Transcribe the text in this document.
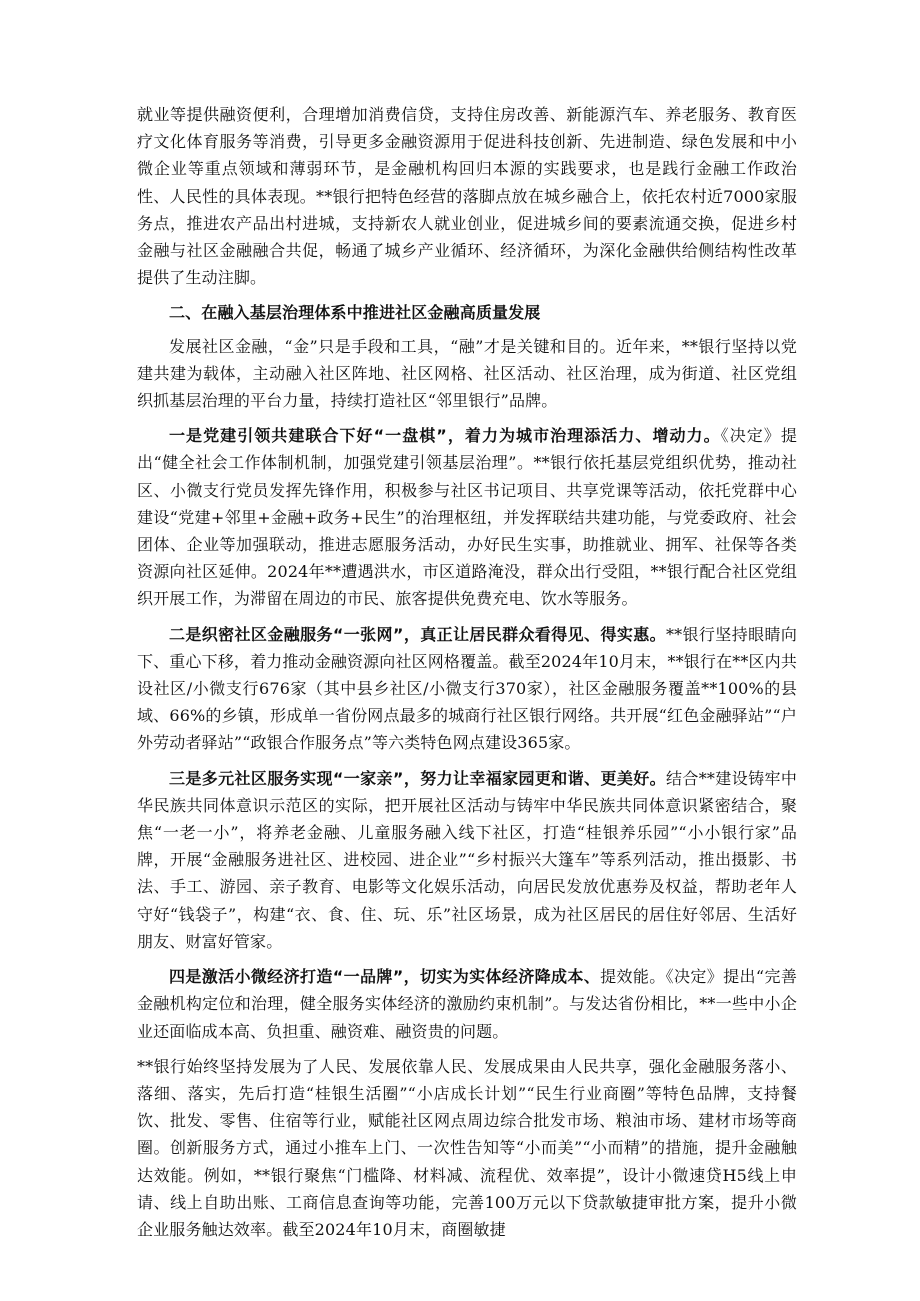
就业等提供融资便利，合理增加消费信贷，支持住房改善、新能源汽车、养老服务、教育医疗文化体育服务等消费，引导更多金融资源用于促进科技创新、先进制造、绿色发展和中小微企业等重点领域和薄弱环节，是金融机构回归本源的实践要求，也是践行金融工作政治性、人民性的具体表现。**银行把特色经营的落脚点放在城乡融合上，依托农村近7000家服务点，推进农产品出村进城，支持新农人就业创业，促进城乡间的要素流通交换，促进乡村金融与社区金融融合共促，畅通了城乡产业循环、经济循环，为深化金融供给侧结构性改革提供了生动注脚。

二、在融入基层治理体系中推进社区金融高质量发展

发展社区金融，“金”只是手段和工具，“融”才是关键和目的。近年来，**银行坚持以党建共建为载体，主动融入社区阵地、社区网格、社区活动、社区治理，成为街道、社区党组织抓基层治理的平台力量，持续打造社区“邻里银行”品牌。

一是党建引领共建联合下好“一盘棋”，着力为城市治理添活力、增动力。《决定》提出“健全社会工作体制机制，加强党建引领基层治理”。**银行依托基层党组织优势，推动社区、小微支行党员发挥先锋作用，积极参与社区书记项目、共享党课等活动，依托党群中心建设“党建+邻里+金融+政务+民生”的治理枢纽，并发挥联结共建功能，与党委政府、社会团体、企业等加强联动，推进志愿服务活动，办好民生实事，助推就业、拥军、社保等各类资源向社区延伸。2024年**遭遇洪水，市区道路淹没，群众出行受阻，**银行配合社区党组织开展工作，为滞留在周边的市民、旅客提供免费充电、饮水等服务。

二是织密社区金融服务“一张网”，真正让居民群众看得见、得实惠。**银行坚持眼睛向下、重心下移，着力推动金融资源向社区网格覆盖。截至2024年10月末，**银行在**区内共设社区/小微支行676家（其中县乡社区/小微支行370家），社区金融服务覆盖**100%的县域、66%的乡镇，形成单一省份网点最多的城商行社区银行网络。共开展“红色金融驿站”“户外劳动者驿站”“政银合作服务点”等六类特色网点建设365家。

三是多元社区服务实现“一家亲”，努力让幸福家园更和谐、更美好。结合**建设铸牢中华民族共同体意识示范区的实际，把开展社区活动与铸牢中华民族共同体意识紧密结合，聚焦“一老一小”，将养老金融、儿童服务融入线下社区，打造“桂银养乐园”“小小银行家”品牌，开展“金融服务进社区、进校园、进企业”“乡村振兴大篷车”等系列活动，推出摄影、书法、手工、游园、亲子教育、电影等文化娱乐活动，向居民发放优惠券及权益，帮助老年人守好“钱袋子”，构建“衣、食、住、玩、乐”社区场景，成为社区居民的居住好邻居、生活好朋友、财富好管家。

四是激活小微经济打造“一品牌”，切实为实体经济降成本、提效能。《决定》提出“完善金融机构定位和治理，健全服务实体经济的激励约束机制”。与发达省份相比，**一些中小企业还面临成本高、负担重、融资难、融资贵的问题。

**银行始终坚持发展为了人民、发展依靠人民、发展成果由人民共享，强化金融服务落小、落细、落实，先后打造“桂银生活圈”“小店成长计划”“民生行业商圈”等特色品牌，支持餐饮、批发、零售、住宿等行业，赋能社区网点周边综合批发市场、粮油市场、建材市场等商圈。创新服务方式，通过小推车上门、一次性告知等“小而美”“小而精”的措施，提升金融触达效能。例如，**银行聚焦“门槛降、材料减、流程优、效率提”，设计小微速贷H5线上申请、线上自助出账、工商信息查询等功能，完善100万元以下贷款敏捷审批方案，提升小微企业服务触达效率。截至2024年10月末，商圈敏捷
